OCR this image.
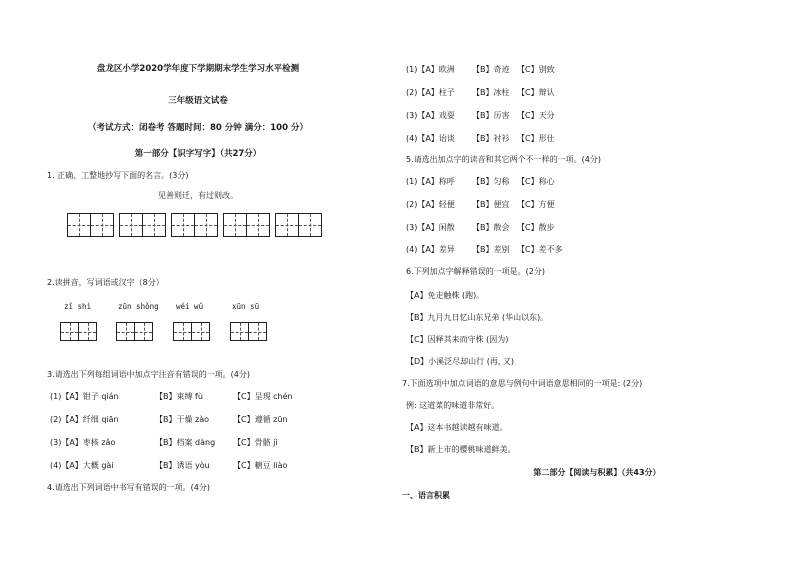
盘龙区小学2020学年度下学期期末学生学习水平检测
三年级语文试卷
（考试方式：闭卷考 答题时间：80 分钟 满分：100 分）
第一部分【识字写字】（共27分）
1. 正确、工整地抄写下面的名言。(3分)
见善则迁，有过则改。
2.读拼音，写词语或汉字（8分）
zǐ shì	zūn shǒng wéi wǔ	xūn sū
3.请选出下列每组词语中加点字注音有错误的一项。(4分)
(1)【A】钳子 qián	【B】束缚 fù	【C】呈现 chén
(2)【A】纤细 qiān	【B】干燥 zào	【C】遵循 zūn
(3)【A】枣核 zǎo	【B】档案 dàng 【C】骨骼 jì
(4)【A】大概 gài	【B】诱语 yòu	【C】糖豆 liào
4.请选出下列词语中书写有错误的一项。(4分)
(1)【A】欧洲 【B】奇迹 【C】别致
(2)【A】柱子 【B】冰柱 【C】辩认
(3)【A】戏耍 【B】历害 【C】天分
(4)【A】诒谈 【B】衬衫 【C】形仕
5.请选出加点字的读音和其它两个不一样的一项。(4分)
(1)【A】称呼 【B】匀称 【C】称心
(2)【A】轻便 【B】便宜 【C】方便
(3)【A】闲散 【B】散会 【C】散步
(4)【A】差异 【B】差别 【C】差不多
6.下列加点字解释错误的一项是。(2分)
【A】免走触株 (跑)。
【B】九月九日忆山东兄弟 (华山以东)。
【C】因释其耒而守株 (因为)
【D】小溪泛尽却山行 (再, 又)
7.下面选项中加点词语的意思与例句中词语意思相同的一项是: (2分)
例: 这道菜的味道非常好。
【A】这本书越读越有味道。
【B】新上市的樱桃味道鲜美。
第二部分【阅读与积累】（共43分）
一、语言积累
